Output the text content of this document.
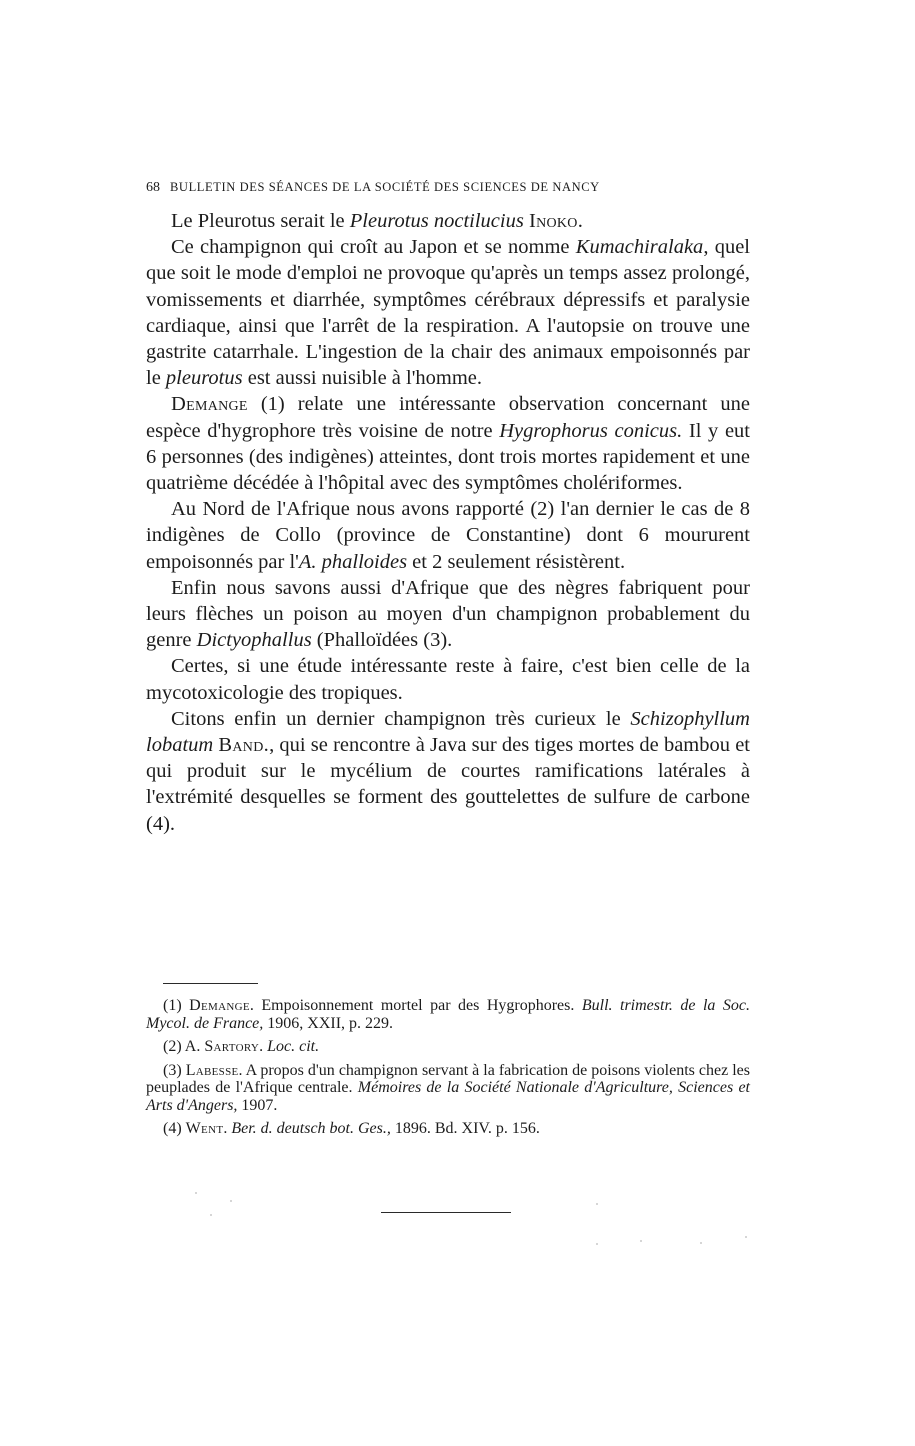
68 BULLETIN DES SÉANCES DE LA SOCIÉTÉ DES SCIENCES DE NANCY

Le Pleurotus serait le Pleurotus noctilucius Inoko.

Ce champignon qui croît au Japon et se nomme Kumachiralaka, quel que soit le mode d'emploi ne provoque qu'après un temps assez prolongé, vomissements et diarrhée, symptômes cérébraux dépressifs et paralysie cardiaque, ainsi que l'arrêt de la respiration. A l'autopsie on trouve une gastrite catarrhale. L'ingestion de la chair des animaux empoisonnés par le pleurotus est aussi nuisible à l'homme.

Demange (1) relate une intéressante observation concernant une espèce d'hygrophore très voisine de notre Hygrophorus conicus. Il y eut 6 personnes (des indigènes) atteintes, dont trois mortes rapidement et une quatrième décédée à l'hôpital avec des symptômes cholériformes.

Au Nord de l'Afrique nous avons rapporté (2) l'an dernier le cas de 8 indigènes de Collo (province de Constantine) dont 6 moururent empoisonnés par l'A. phalloides et 2 seulement résistèrent.

Enfin nous savons aussi d'Afrique que des nègres fabriquent pour leurs flèches un poison au moyen d'un champignon probablement du genre Dictyophallus (Phalloïdées (3).

Certes, si une étude intéressante reste à faire, c'est bien celle de la mycotoxicologie des tropiques.

Citons enfin un dernier champignon très curieux le Schizophyllum lobatum Band., qui se rencontre à Java sur des tiges mortes de bambou et qui produit sur le mycélium de courtes ramifications latérales à l'extrémité desquelles se forment des gouttelettes de sulfure de carbone (4).

(1) Demange. Empoisonnement mortel par des Hygrophores. Bull. trimestr. de la Soc. Mycol. de France, 1906, XXII, p. 229.

(2) A. Sartory. Loc. cit.

(3) Labesse. A propos d'un champignon servant à la fabrication de poisons violents chez les peuplades de l'Afrique centrale. Mémoires de la Société Nationale d'Agriculture, Sciences et Arts d'Angers, 1907.

(4) Went. Ber. d. deutsch bot. Ges., 1896. Bd. XIV. p. 156.
